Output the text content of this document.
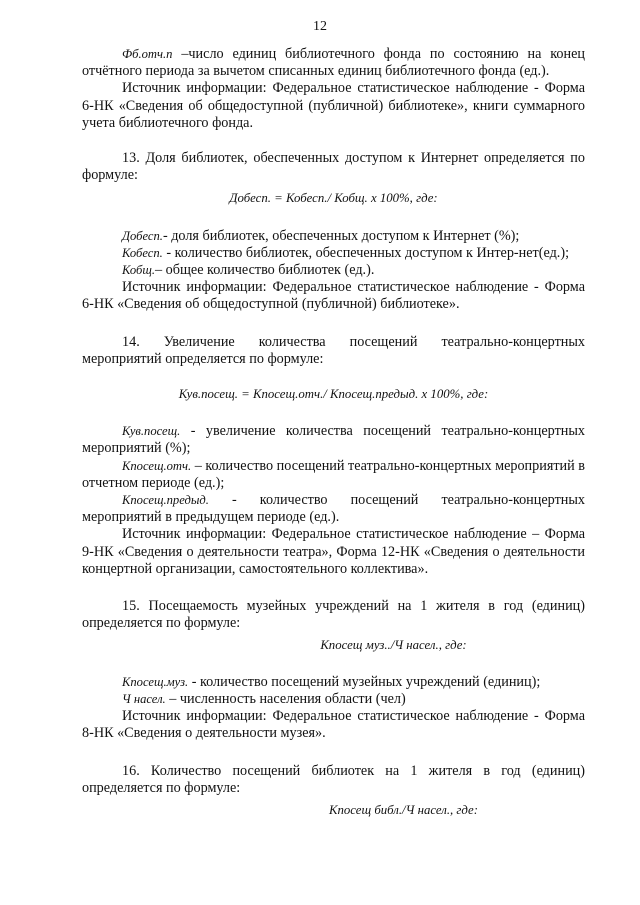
12

Фб.отч.п –число единиц библиотечного фонда по состоянию на конец отчётного периода за вычетом списанных единиц библиотечного фонда (ед.).

Источник информации: Федеральное статистическое наблюдение - Форма 6-НК «Сведения об общедоступной (публичной) библиотеке», книги суммарного учета библиотечного фонда.

13. Доля библиотек, обеспеченных доступом к Интернет определяется по формуле:

Добесп. = Кобесп./ Кобщ. х 100%, где:

Добесп.- доля библиотек, обеспеченных доступом к Интернет (%);

Кобесп. - количество библиотек, обеспеченных доступом к Интер-нет(ед.);

Кобщ.– общее количество библиотек (ед.).

Источник информации: Федеральное статистическое наблюдение - Форма 6-НК «Сведения об общедоступной (публичной) библиотеке».

14. Увеличение количества посещений театрально-концертных мероприятий определяется по формуле:

Кув.посещ. = Кпосещ.отч./ Кпосещ.предыд. х 100%, где:

Кув.посещ. - увеличение количества посещений театрально-концертных мероприятий (%);

Кпосещ.отч. – количество посещений театрально-концертных мероприятий в отчетном периоде (ед.);

Кпосещ.предыд. - количество посещений театрально-концертных мероприятий в предыдущем периоде (ед.).

Источник информации: Федеральное статистическое наблюдение – Форма 9-НК «Сведения о деятельности театра», Форма 12-НК «Сведения о деятельности концертной организации, самостоятельного коллектива».

15. Посещаемость музейных учреждений на 1 жителя в год (единиц) определяется по формуле:

Кпосещ муз../Ч насел., где:

Кпосещ.муз. - количество посещений музейных учреждений (единиц);

Ч насел. – численность населения области (чел)

Источник информации: Федеральное статистическое наблюдение - Форма 8-НК «Сведения о деятельности музея».

16. Количество посещений библиотек на 1 жителя в год (единиц) определяется по формуле:

Кпосещ библ./Ч насел., где:
